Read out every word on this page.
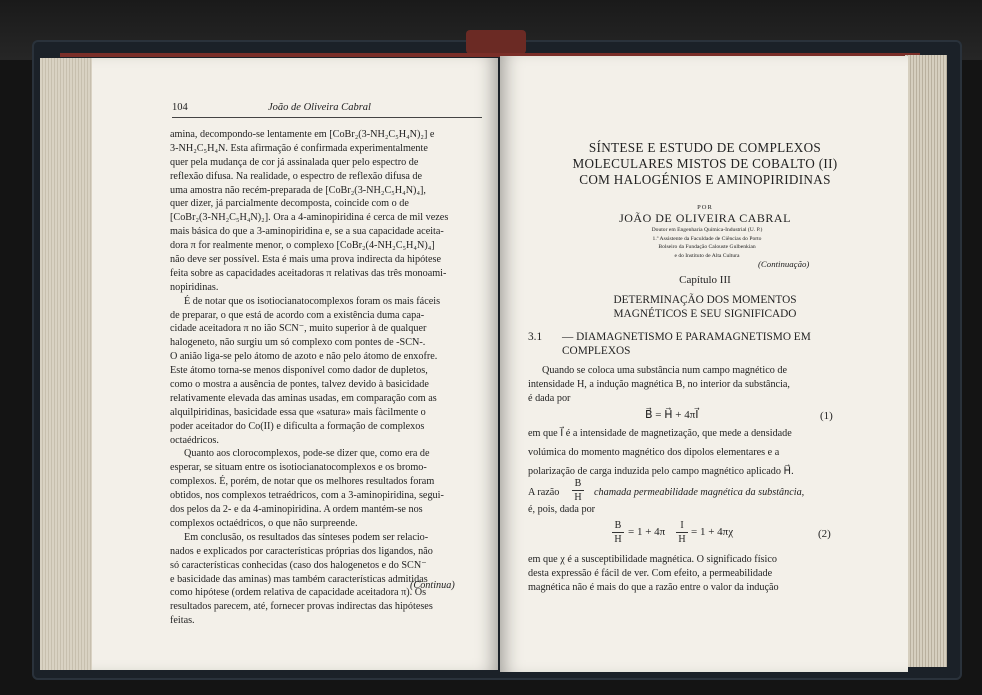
104	João de Oliveira Cabral
amina, decompondo-se lentamente em [CoBr₂(3-NH₂C₅H₄N)₂] e
3-NH₂C₅H₄N. Esta afirmação é confirmada experimentalmente
quer pela mudança de cor já assinalada quer pelo espectro de
reflexão difusa. Na realidade, o espectro de reflexão difusa de
uma amostra não recém-preparada de [CoBr₂(3-NH₂C₅H₄N)₄],
quer dizer, já parcialmente decomposta, coincide com o de
[CoBr₂(3-NH₂C₅H₄N)₂]. Ora a 4-aminopiridina é cerca de mil vezes
mais básica do que a 3-aminopiridina e, se a sua capacidade aceita-
dora π for realmente menor, o complexo [CoBr₂(4-NH₂C₅H₄N)₄]
não deve ser possível. Esta é mais uma prova indirecta da hipótese
feita sobre as capacidades aceitadoras π relativas das três monoami-
nopiridinas.
É de notar que os isotiocianatocomplexos foram os mais fáceis
de preparar, o que está de acordo com a existência duma capa-
cidade aceitadora π no ião SCN⁻, muito superior à de qualquer
halogeneto, não surgiu um só complexo com pontes de -SCN-.
O anião liga-se pelo átomo de azoto e não pelo átomo de enxofre.
Este átomo torna-se menos disponível como dador de dupletos,
como o mostra a ausência de pontes, talvez devido à basicidade
relativamente elevada das aminas usadas, em comparação com as
alquilpiridinas, basicidade essa que «satura» mais fàcilmente o
poder aceitador do Co(II) e dificulta a formação de complexos
octaédricos.
Quanto aos clorocomplexos, pode-se dizer que, como era de
esperar, se situam entre os isotiocianatocomplexos e os bromo-
complexos. É, porém, de notar que os melhores resultados foram
obtidos, nos complexos tetraédricos, com a 3-aminopiridina, segui-
dos pelos da 2- e da 4-aminopiridina. A ordem mantém-se nos
complexos octaédricos, o que não surpreende.
Em conclusão, os resultados das sínteses podem ser relacio-
nados e explicados por características próprias dos ligandos, não
só características conhecidas (caso dos halogenetos e do SCN⁻
e basicidade das aminas) mas também características admitidas
como hipótese (ordem relativa de capacidade aceitadora π). Os
resultados parecem, até, fornecer provas indirectas das hipóteses
feitas.
(Continua)
SÍNTESE E ESTUDO DE COMPLEXOS
MOLECULARES MISTOS DE COBALTO (II)
COM HALOGÉNIOS E AMINOPIRIDINAS
POR
JOÃO DE OLIVEIRA CABRAL
Doutor em Engenharia Química-Industrial (U. P.)
1.º Assistente da Faculdade de Ciências do Porto
Bolseiro da Fundação Calouste Gulbenkian
e do Instituto de Alta Cultura
(Continuação)
Capítulo III
DETERMINAÇÃO DOS MOMENTOS
MAGNÉTICOS E SEU SIGNIFICADO
3.1 — DIAMAGNETISMO E PARAMAGNETISMO EM
COMPLEXOS
Quando se coloca uma substância num campo magnético de
intensidade H, a indução magnética B, no interior da substância,
é dada por
B⃗ = H⃗ + 4πI⃗	(1)
em que I⃗ é a intensidade de magnetização, que mede a densidade
volúmica do momento magnético dos dipolos elementares e a
polarização de carga induzida pelo campo magnético aplicado H⃗.
A razão
B
H chamada permeabilidade magnética da substância,
é, pois, dada por
B
H
= 1 + 4π
I
H
= 1 + 4πχ	(2)
em que χ é a susceptibilidade magnética. O significado físico
desta expressão é fácil de ver. Com efeito, a permeabilidade
magnética não é mais do que a razão entre o valor da indução
